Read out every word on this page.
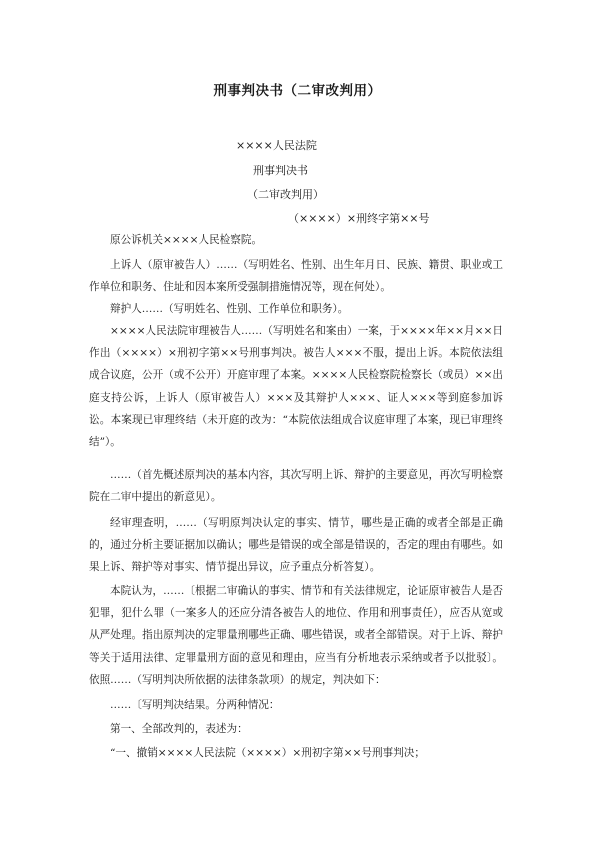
刑事判决书（二审改判用）
××××人民法院
刑事判决书
（二审改判用）
（××××）×刑终字第××号

原公诉机关××××人民检察院。

上诉人（原审被告人）……（写明姓名、性别、出生年月日、民族、籍贯、职业或工作单位和职务、住址和因本案所受强制措施情况等，现在何处）。

辩护人……（写明姓名、性别、工作单位和职务）。

××××人民法院审理被告人……（写明姓名和案由）一案，于××××年××月××日作出（××××）×刑初字第××号刑事判决。被告人×××不服，提出上诉。本院依法组成合议庭，公开（或不公开）开庭审理了本案。××××人民检察院检察长（或员）××出庭支持公诉，上诉人（原审被告人）×××及其辩护人×××、证人×××等到庭参加诉讼。本案现已审理终结（未开庭的改为：“本院依法组成合议庭审理了本案，现已审理终结”）。

……（首先概述原判决的基本内容，其次写明上诉、辩护的主要意见，再次写明检察院在二审中提出的新意见）。

经审理查明，……（写明原判决认定的事实、情节，哪些是正确的或者全部是正确的，通过分析主要证据加以确认；哪些是错误的或全部是错误的，否定的理由有哪些。如果上诉、辩护等对事实、情节提出异议，应予重点分析答复）。

本院认为，……〔根据二审确认的事实、情节和有关法律规定，论证原审被告人是否犯罪，犯什么罪（一案多人的还应分清各被告人的地位、作用和刑事责任），应否从宽或从严处理。指出原判决的定罪量刑哪些正确、哪些错误，或者全部错误。对于上诉、辩护等关于适用法律、定罪量刑方面的意见和理由，应当有分析地表示采纳或者予以批驳〕。依照……（写明判决所依据的法律条款项）的规定，判决如下：

……〔写明判决结果。分两种情况：

第一、全部改判的，表述为：

“一、撤销××××人民法院（××××）×刑初字第××号刑事判决；
